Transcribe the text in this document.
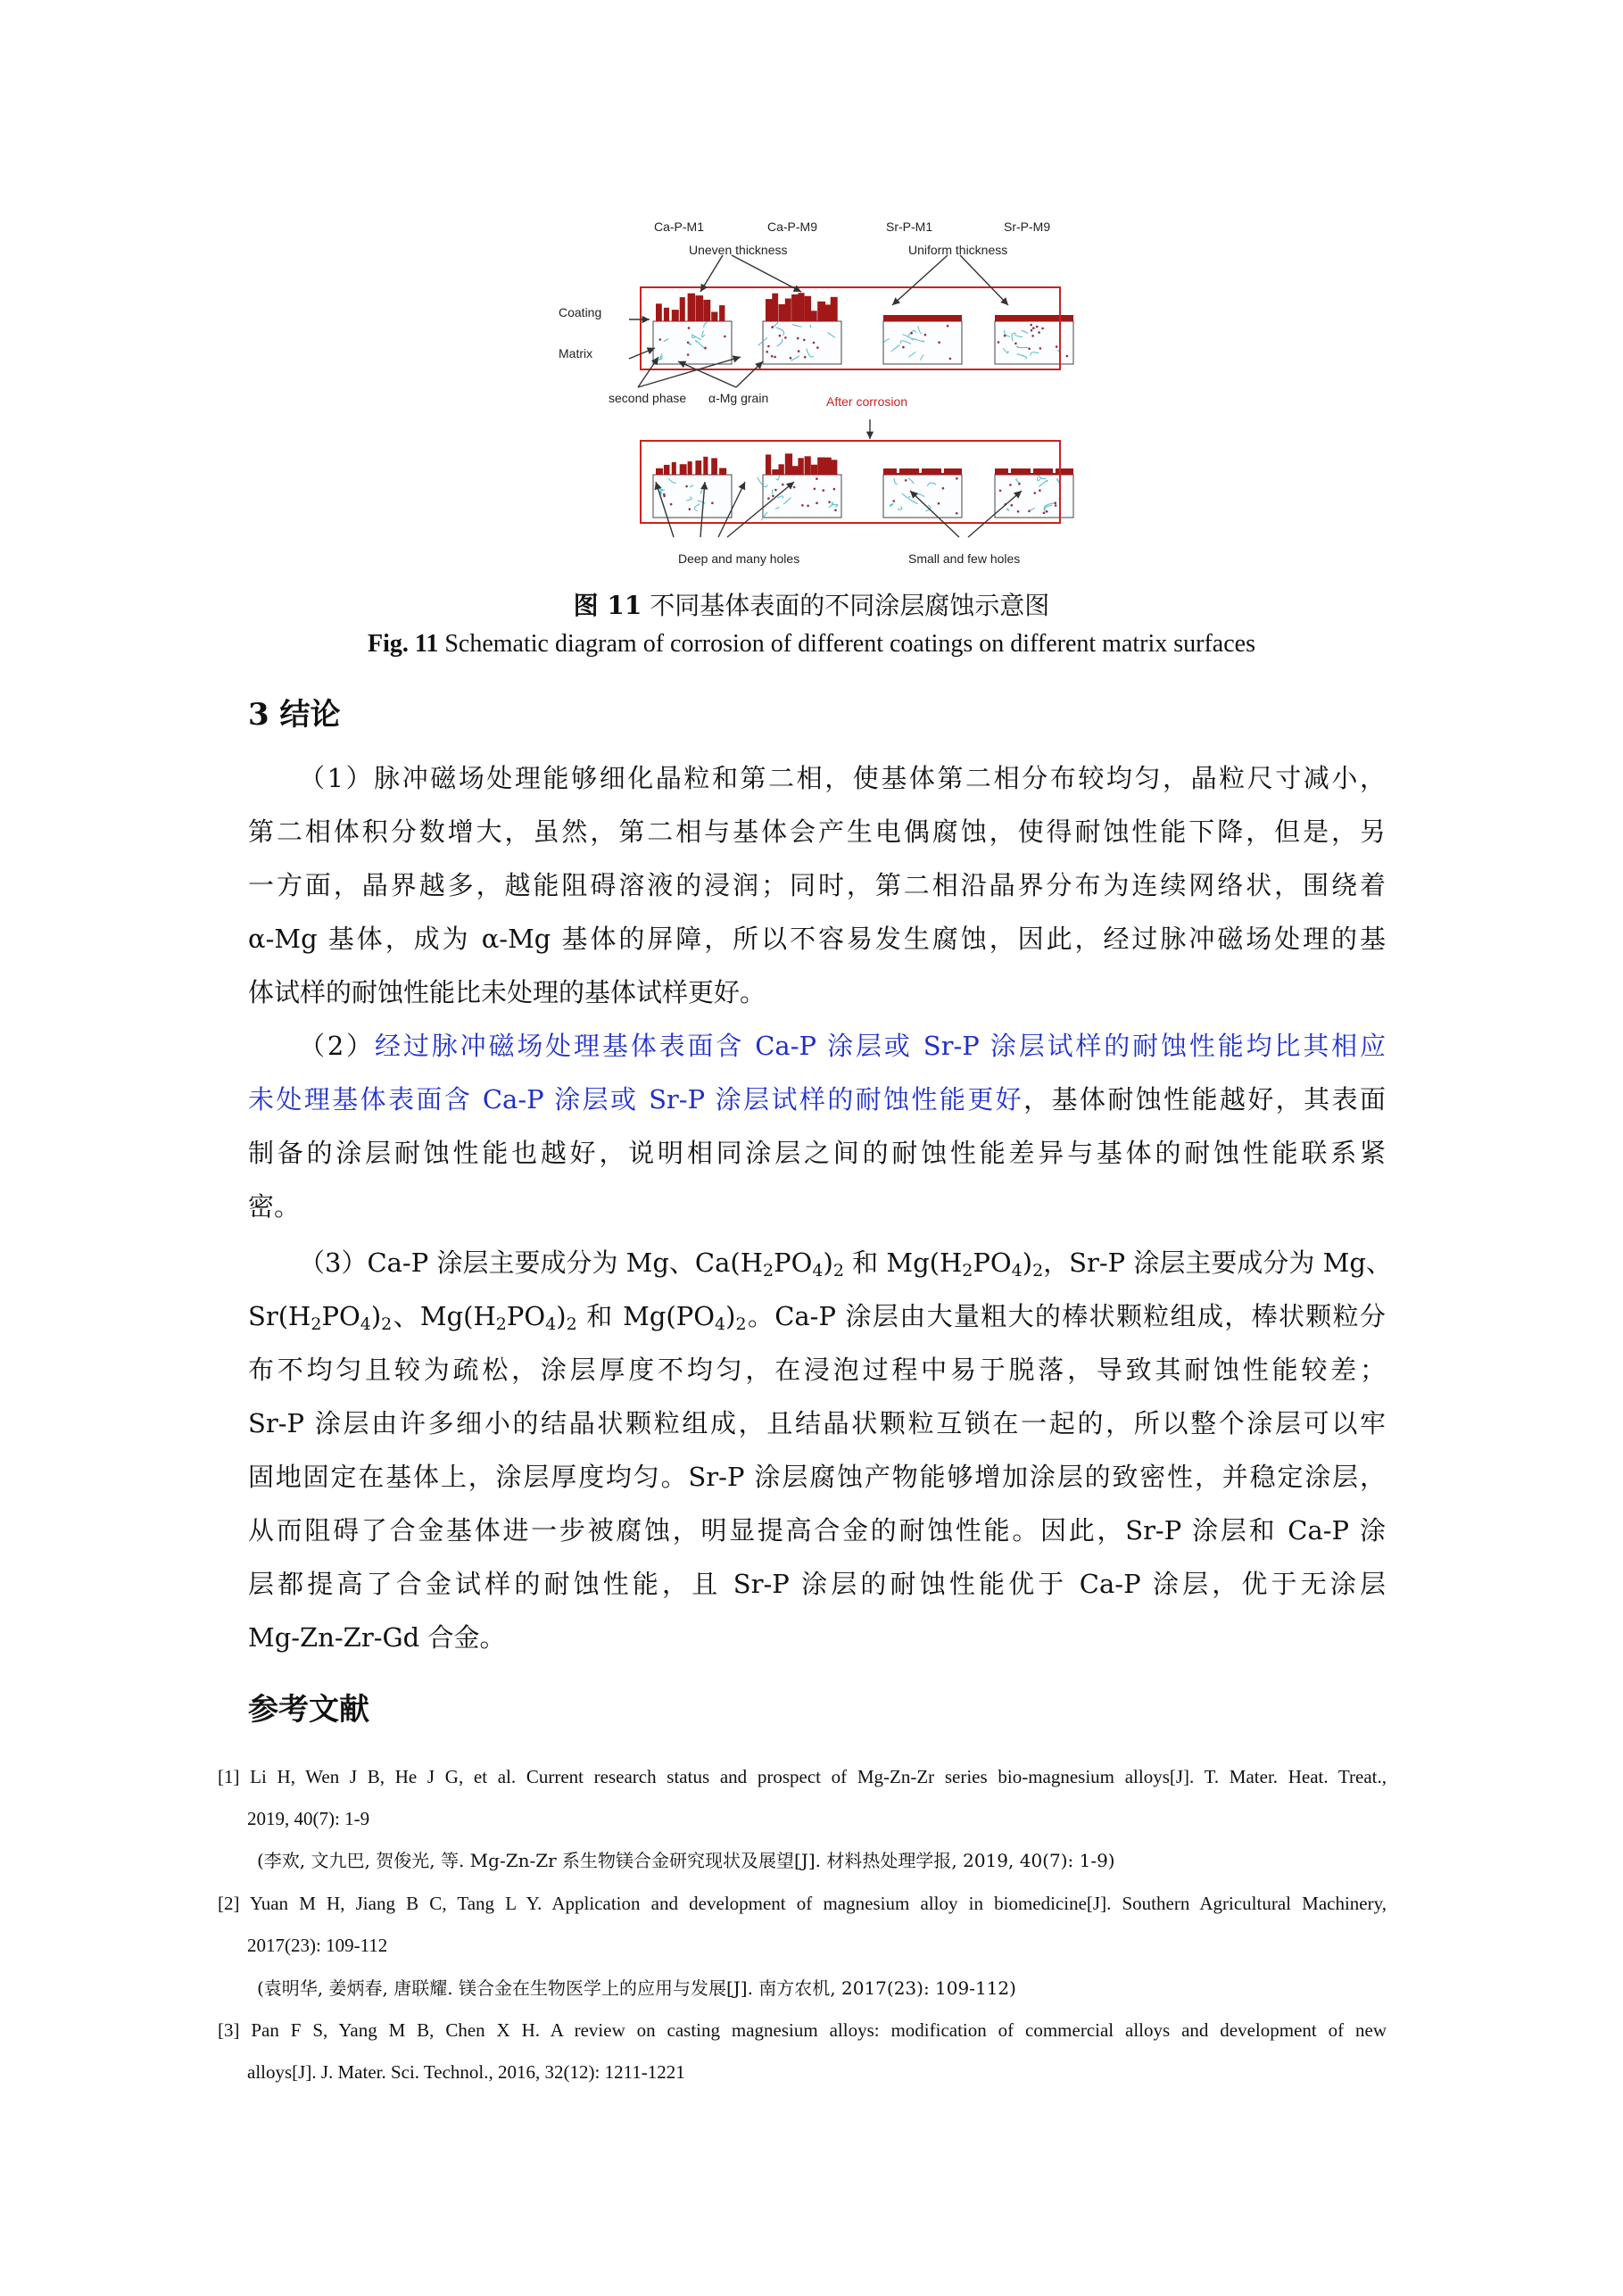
Ca-P-M1	Ca-P-M9	Sr-P-M1	Sr-P-M9
Uneven thickness	Uniform thickness
Coating
Matrix
second phase α-Mg grain	After corrosion
Deep and many holes	Small and few holes
图 11 不同基体表面的不同涂层腐蚀示意图
Fig. 11 Schematic diagram of corrosion of different coatings on different matrix surfaces
3 结论
（1）脉冲磁场处理能够细化晶粒和第二相，使基体第二相分布较均匀，晶粒尺寸减小，
第二相体积分数增大，虽然，第二相与基体会产生电偶腐蚀，使得耐蚀性能下降，但是，另
一方面，晶界越多，越能阻碍溶液的浸润；同时，第二相沿晶界分布为连续网络状，围绕着
α-Mg 基体，成为 α-Mg 基体的屏障，所以不容易发生腐蚀，因此，经过脉冲磁场处理的基
体试样的耐蚀性能比未处理的基体试样更好。
（2）经过脉冲磁场处理基体表面含 Ca-P 涂层或 Sr-P 涂层试样的耐蚀性能均比其相应
未处理基体表面含 Ca-P 涂层或 Sr-P 涂层试样的耐蚀性能更好，基体耐蚀性能越好，其表面
制备的涂层耐蚀性能也越好，说明相同涂层之间的耐蚀性能差异与基体的耐蚀性能联系紧
密。
（3）Ca-P 涂层主要成分为 Mg、$Ca(H_2PO_4)_2$ 和 $Mg(H_2PO_4)_2$，Sr-P 涂层主要成分为 Mg、
$Sr(H_2PO_4)_2$、$Mg(H_2PO_4)_2$ 和 $Mg(PO_4)_2$。Ca-P 涂层由大量粗大的棒状颗粒组成，棒状颗粒分
布不均匀且较为疏松，涂层厚度不均匀，在浸泡过程中易于脱落，导致其耐蚀性能较差；
Sr-P 涂层由许多细小的结晶状颗粒组成，且结晶状颗粒互锁在一起的，所以整个涂层可以牢
固地固定在基体上，涂层厚度均匀。Sr-P 涂层腐蚀产物能够增加涂层的致密性，并稳定涂层，
从而阻碍了合金基体进一步被腐蚀，明显提高合金的耐蚀性能。因此，Sr-P 涂层和 Ca-P 涂
层都提高了合金试样的耐蚀性能，且 Sr-P 涂层的耐蚀性能优于 Ca-P 涂层，优于无涂层
Mg-Zn-Zr-Gd 合金。
参考文献
[1] Li H, Wen J B, He J G, et al. Current research status and prospect of Mg-Zn-Zr series bio-magnesium alloys[J]. T. Mater. Heat. Treat.,
2019, 40(7): 1-9
(李欢, 文九巴, 贺俊光, 等. Mg-Zn-Zr 系生物镁合金研究现状及展望[J]. 材料热处理学报, 2019, 40(7): 1-9)
[2] Yuan M H, Jiang B C, Tang L Y. Application and development of magnesium alloy in biomedicine[J]. Southern Agricultural Machinery,
2017(23): 109-112
(袁明华, 姜炳春, 唐联耀. 镁合金在生物医学上的应用与发展[J]. 南方农机, 2017(23): 109-112)
[3] Pan F S, Yang M B, Chen X H. A review on casting magnesium alloys: modification of commercial alloys and development of new
alloys[J]. J. Mater. Sci. Technol., 2016, 32(12): 1211-1221
